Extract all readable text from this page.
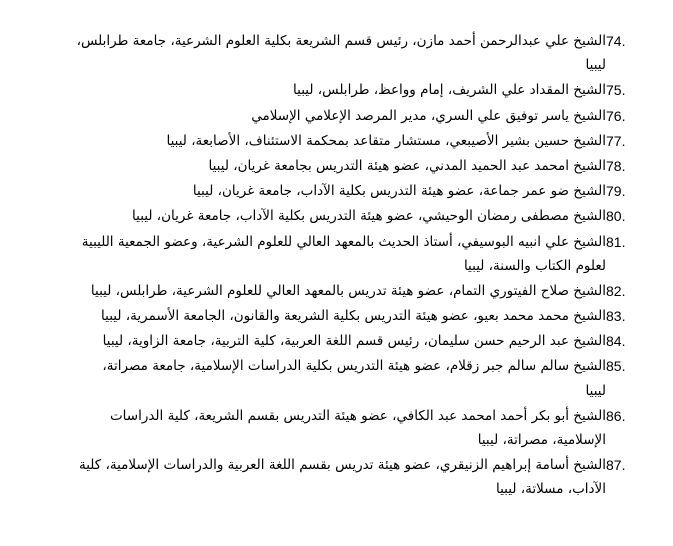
74.
الشيخ علي عبدالرحمن أحمد مازن، رئيس قسم الشريعة بكلية العلوم الشرعية، جامعة طرابلس،
ليبيا
75.
الشيخ المقداد علي الشريف، إمام وواعظ، طرابلس، ليبيا
76.
الشيخ ياسر توفيق علي السري، مدير المرصد الإعلامي الإسلامي
77.
الشيخ حسين بشير الأصيبعي، مستشار متقاعد بمحكمة الاستئناف، الأصابعة، ليبيا
78.
الشيخ امحمد عبد الحميد المدني، عضو هيئة التدريس بجامعة غريان، ليبيا
79.
الشيخ ضو عمر جماعة، عضو هيئة التدريس بكلية الآداب، جامعة غريان، ليبيا
80.
الشيخ مصطفى رمضان الوحيشي، عضو هيئة التدريس بكلية الآداب، جامعة غريان، ليبيا
81.
الشيخ علي انبيه البوسيفي، أستاذ الحديث بالمعهد العالي للعلوم الشرعية، وعضو الجمعية الليبية
لعلوم الكتاب والسنة، ليبيا
82.
الشيخ صلاح الفيتوري التمام، عضو هيئة تدريس بالمعهد العالي للعلوم الشرعية، طرابلس، ليبيا
83.
الشيخ محمد محمد بعيو، عضو هيئة التدريس بكلية الشريعة والقانون، الجامعة الأسمرية، ليبيا
84.
الشيخ عبد الرحيم حسن سليمان، رئيس قسم اللغة العربية، كلية التربية، جامعة الزاوية، ليبيا
85.
الشيخ سالم سالم جبر زقلام، عضو هيئة التدريس بكلية الدراسات الإسلامية، جامعة مصراتة،
ليبيا
86.
الشيخ أبو بكر أحمد امحمد عبد الكافي، عضو هيئة التدريس بقسم الشريعة، كلية الدراسات
الإسلامية، مصراتة، ليبيا
87.
الشيخ أسامة إبراهيم الزنيقري، عضو هيئة تدريس بقسم اللغة العربية والدراسات الإسلامية، كلية
الآداب، مسلاتة، ليبيا
